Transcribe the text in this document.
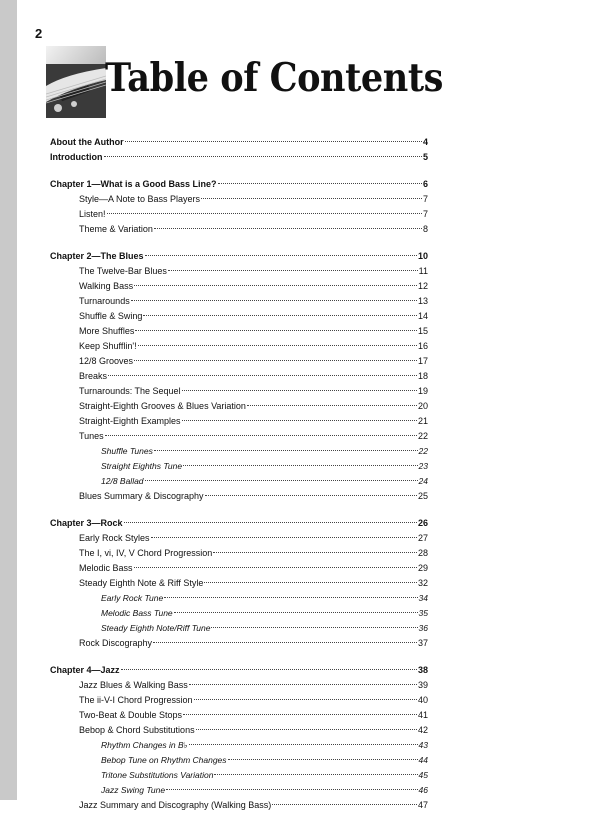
2
Table of Contents
About the Author	4
Introduction	5
Chapter 1—What is a Good Bass Line?	6
Style—A Note to Bass Players	7
Listen!	7
Theme & Variation	8
Chapter 2—The Blues	10
The Twelve-Bar Blues	11
Walking Bass	12
Turnarounds	13
Shuffle & Swing	14
More Shuffles	15
Keep Shufflin'!	16
12/8 Grooves	17
Breaks	18
Turnarounds: The Sequel	19
Straight-Eighth Grooves & Blues Variation	20
Straight-Eighth Examples	21
Tunes	22
Shuffle Tunes	22
Straight Eighths Tune	23
12/8 Ballad	24
Blues Summary & Discography	25
Chapter 3—Rock	26
Early Rock Styles	27
The I, vi, IV, V Chord Progression	28
Melodic Bass	29
Steady Eighth Note & Riff Style	32
Early Rock Tune	34
Melodic Bass Tune	35
Steady Eighth Note/Riff Tune	36
Rock Discography	37
Chapter 4—Jazz	38
Jazz Blues & Walking Bass	39
The ii-V-I Chord Progression	40
Two-Beat & Double Stops	41
Bebop & Chord Substitutions	42
Rhythm Changes in B♭	43
Bebop Tune on Rhythm Changes	44
Tritone Substitutions Variation	45
Jazz Swing Tune	46
Jazz Summary and Discography (Walking Bass)	47
